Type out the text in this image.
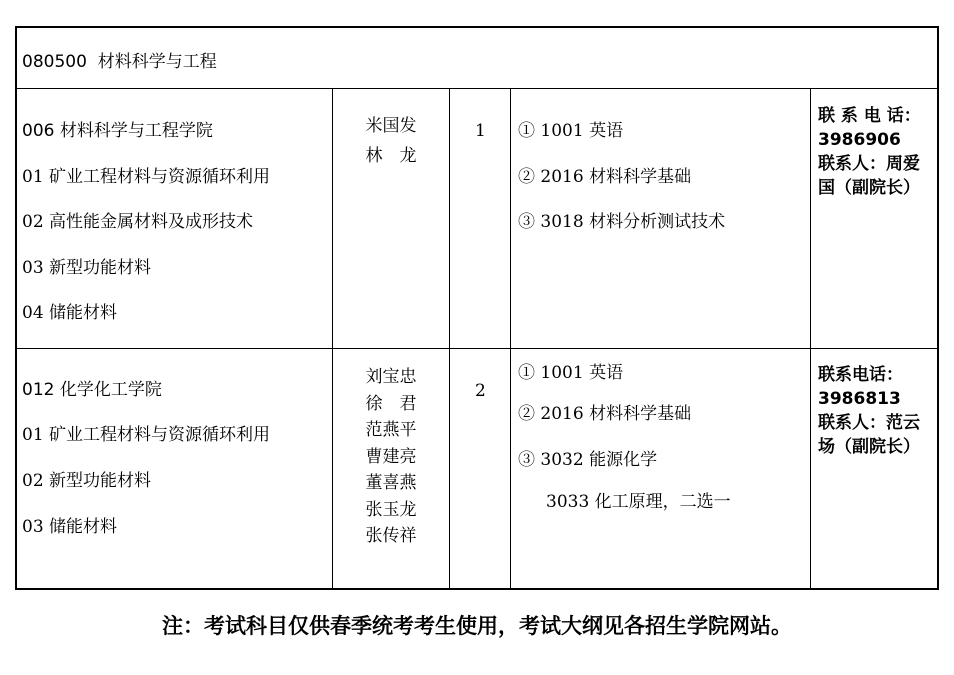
080500 材料科学与工程
006 材料科学与工程学院
01 矿业工程材料与资源循环利用
02 高性能金属材料及成形技术
03 新型功能材料
04 储能材料
米国发
林　龙
1 ① 1001 英语
② 2016 材料科学基础
③ 3018 材料分析测试技术
联 系 电 话：
3986906
联系人：周爱国（副院长）
012 化学化工学院
01 矿业工程材料与资源循环利用
02 新型功能材料
03 储能材料
刘宝忠
徐　君
范燕平
曹建亮
董喜燕
张玉龙
张传祥
2
① 1001 英语
② 2016 材料科学基础
③ 3032 能源化学
3033 化工原理，二选一
联系电话：
3986813
联系人：范云场（副院长）
注：考试科目仅供春季统考考生使用，考试大纲见各招生学院网站。
